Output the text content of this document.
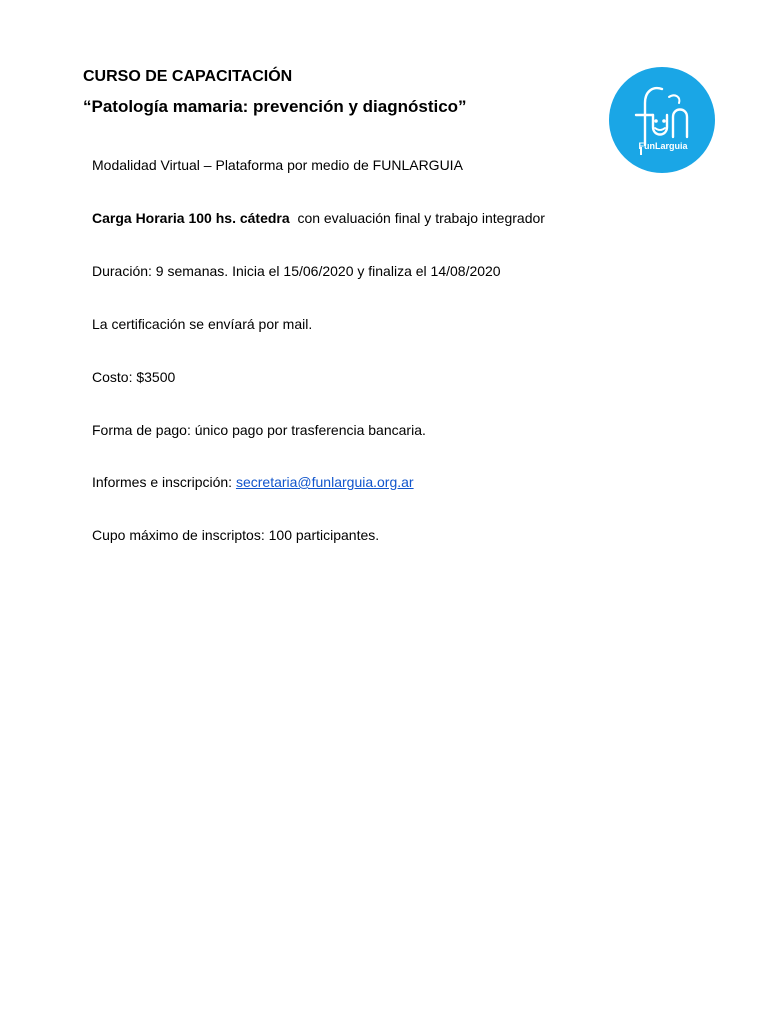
CURSO DE CAPACITACIÓN
“Patología mamaria: prevención y diagnóstico”
FunLarguia

Modalidad Virtual – Plataforma por medio de FUNLARGUIA

Carga Horaria 100 hs. cátedra con evaluación final y trabajo integrador

Duración: 9 semanas. Inicia el 15/06/2020 y finaliza el 14/08/2020

La certificación se envíará por mail.

Costo: $3500

Forma de pago: único pago por trasferencia bancaria.

Informes e inscripción: secretaria@funlarguia.org.ar

Cupo máximo de inscriptos: 100 participantes.
